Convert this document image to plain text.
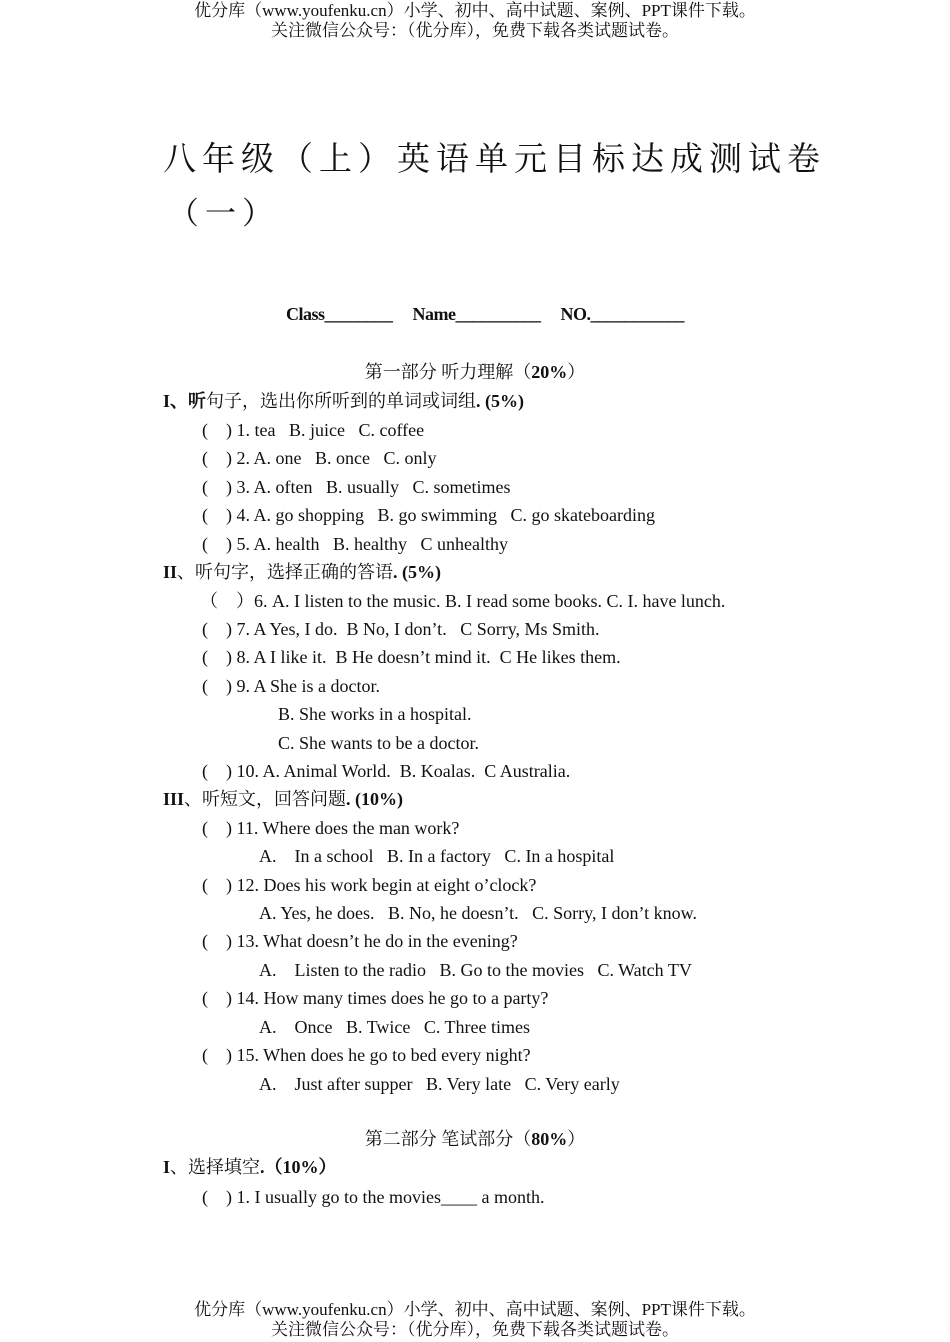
优分库（www.youfenku.cn）小学、初中、高中试题、案例、PPT课件下载。
关注微信公众号：（优分库），免费下载各类试题试卷。
八年级（上）英语单元目标达成测试卷
（一）
Class________ Name__________ NO.___________
第一部分 听力理解（20%）
I、听句子，选出你所听到的单词或词组. (5%)
(    ) 1. tea   B. juice   C. coffee
(    ) 2. A. one   B. once   C. only
(    ) 3. A. often   B. usually   C. sometimes
(    ) 4. A. go shopping   B. go swimming   C. go skateboarding
(    ) 5. A. health   B. healthy   C unhealthy
II、听句字，选择正确的答语. (5%)
（    ）6. A. I listen to the music. B. I read some books. C. I. have lunch.
(    ) 7. A Yes, I do.  B No, I don’t.   C Sorry, Ms Smith.
(    ) 8. A I like it.  B He doesn’t mind it.  C He likes them.
(    ) 9. A She is a doctor.
B. She works in a hospital.
C. She wants to be a doctor.
(    ) 10. A. Animal World.  B. Koalas.  C Australia.
III、听短文，回答问题. (10%)
(    ) 11. Where does the man work?
A.    In a school   B. In a factory   C. In a hospital
(    ) 12. Does his work begin at eight o’clock?
A. Yes, he does.   B. No, he doesn’t.   C. Sorry, I don’t know.
(    ) 13. What doesn’t he do in the evening?
A.    Listen to the radio   B. Go to the movies   C. Watch TV
(    ) 14. How many times does he go to a party?
A.    Once   B. Twice   C. Three times
(    ) 15. When does he go to bed every night?
A.    Just after supper   B. Very late   C. Very early
第二部分 笔试部分（80%）
I、选择填空.（10%）
(    ) 1. I usually go to the movies____ a month.
优分库（www.youfenku.cn）小学、初中、高中试题、案例、PPT课件下载。
关注微信公众号：（优分库），免费下载各类试题试卷。
